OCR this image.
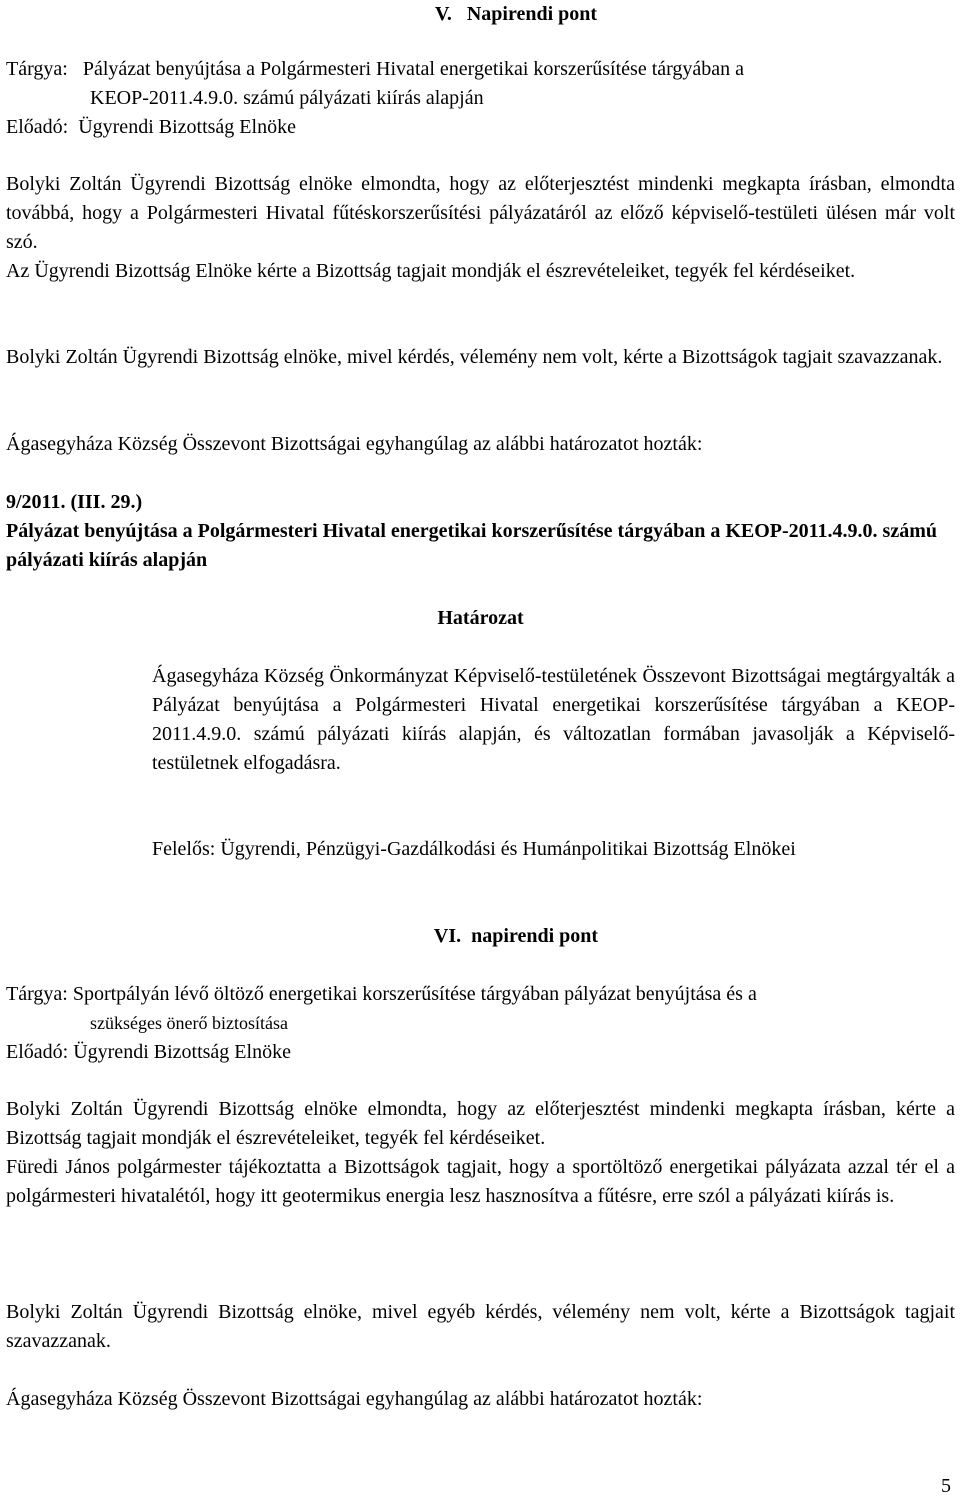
V.   Napirendi pont
Tárgya: Pályázat benyújtása a Polgármesteri Hivatal energetikai korszerűsítése tárgyában a
KEOP-2011.4.9.0. számú pályázati kiírás alapján
Előadó:  Ügyrendi Bizottság Elnöke

Bolyki Zoltán Ügyrendi Bizottság elnöke elmondta, hogy az előterjesztést mindenki megkapta írásban, elmondta továbbá, hogy a Polgármesteri Hivatal fűtéskorszerűsítési pályázatáról az előző képviselő-testületi ülésen már volt szó.

Az Ügyrendi Bizottság Elnöke kérte a Bizottság tagjait mondják el észrevételeiket, tegyék fel kérdéseiket.

Bolyki Zoltán Ügyrendi Bizottság elnöke, mivel kérdés, vélemény nem volt, kérte a Bizottságok tagjait szavazzanak.

Ágasegyháza Község Összevont Bizottságai egyhangúlag az alábbi határozatot hozták:

9/2011. (III. 29.)

Pályázat benyújtása a Polgármesteri Hivatal energetikai korszerűsítése tárgyában a KEOP-2011.4.9.0. számú pályázati kiírás alapján

Határozat

Ágasegyháza Község Önkormányzat Képviselő-testületének Összevont Bizottságai megtárgyalták a Pályázat benyújtása a Polgármesteri Hivatal energetikai korszerűsítése tárgyában a KEOP-2011.4.9.0. számú pályázati kiírás alapján, és változatlan formában javasolják a Képviselő-testületnek elfogadásra.

Felelős: Ügyrendi, Pénzügyi-Gazdálkodási és Humánpolitikai Bizottság Elnökei

VI.  napirendi pont
Tárgya: Sportpályán lévő öltöző energetikai korszerűsítése tárgyában pályázat benyújtása és a
szükséges önerő biztosítása
Előadó: Ügyrendi Bizottság Elnöke

Bolyki Zoltán Ügyrendi Bizottság elnöke elmondta, hogy az előterjesztést mindenki megkapta írásban, kérte a Bizottság tagjait mondják el észrevételeiket, tegyék fel kérdéseiket.

Füredi János polgármester tájékoztatta a Bizottságok tagjait, hogy a sportöltöző energetikai pályázata azzal tér el a polgármesteri hivatalétól, hogy itt geotermikus energia lesz hasznosítva a fűtésre, erre szól a pályázati kiírás is.

Bolyki Zoltán Ügyrendi Bizottság elnöke, mivel egyéb kérdés, vélemény nem volt, kérte a Bizottságok tagjait szavazzanak.

Ágasegyháza Község Összevont Bizottságai egyhangúlag az alábbi határozatot hozták:

5
